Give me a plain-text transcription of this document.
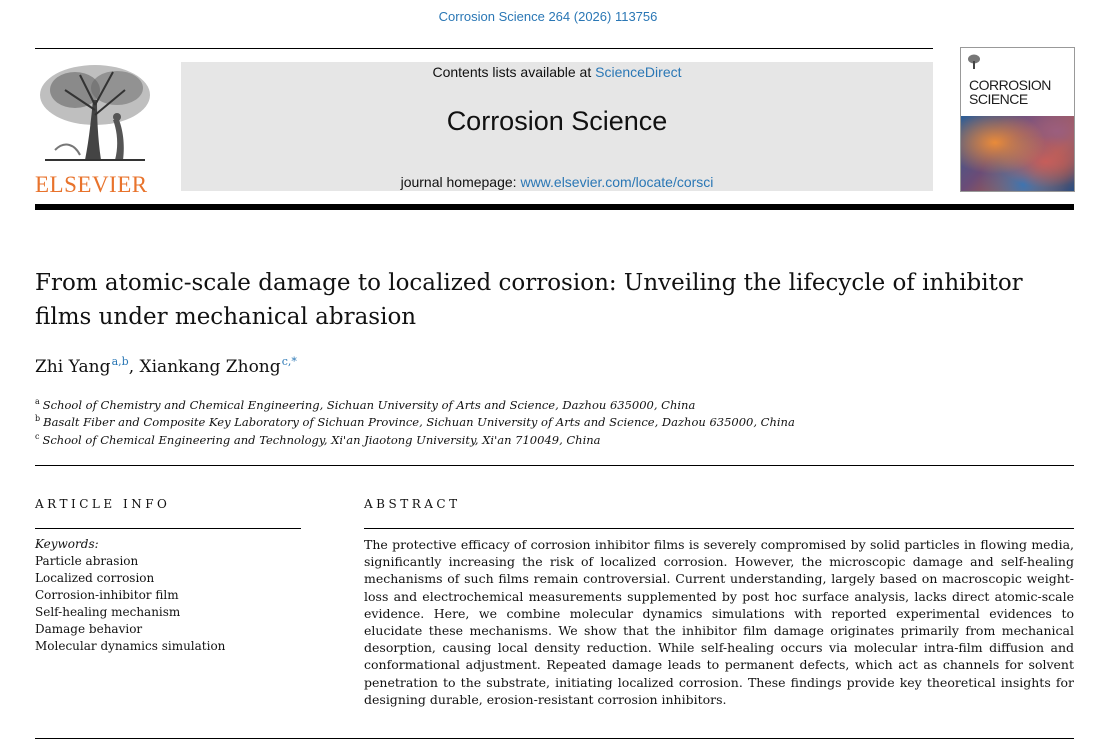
Corrosion Science 264 (2026) 113756
ELSEVIER
Contents lists available at ScienceDirect
Corrosion Science
journal homepage: www.elsevier.com/locate/corsci
CORROSION
SCIENCE
From atomic-scale damage to localized corrosion: Unveiling the lifecycle of inhibitor films under mechanical abrasion
Zhi Yang $^{a,b}$, Xiankang Zhong $^{c,*}$
$^a$ School of Chemistry and Chemical Engineering, Sichuan University of Arts and Science, Dazhou 635000, China
$^b$ Basalt Fiber and Composite Key Laboratory of Sichuan Province, Sichuan University of Arts and Science, Dazhou 635000, China
$^c$ School of Chemical Engineering and Technology, Xi'an Jiaotong University, Xi'an 710049, China
ARTICLE INFO	ABSTRACT
Keywords:
Particle abrasion
Localized corrosion
Corrosion-inhibitor film
Self-healing mechanism
Damage behavior
Molecular dynamics simulation
The protective efficacy of corrosion inhibitor films is severely compromised by solid particles in flowing media, significantly increasing the risk of localized corrosion. However, the microscopic damage and self-healing mechanisms of such films remain controversial. Current understanding, largely based on macroscopic weight-loss and electrochemical measurements supplemented by post hoc surface analysis, lacks direct atomic-scale evidence. Here, we combine molecular dynamics simulations with reported experimental evidences to elucidate these mechanisms. We show that the inhibitor film damage originates primarily from mechanical desorption, causing local density reduction. While self-healing occurs via molecular intra-film diffusion and conformational adjustment. Repeated damage leads to permanent defects, which act as channels for solvent penetration to the substrate, initiating localized corrosion. These findings provide key theoretical insights for designing durable, erosion-resistant corrosion inhibitors.
